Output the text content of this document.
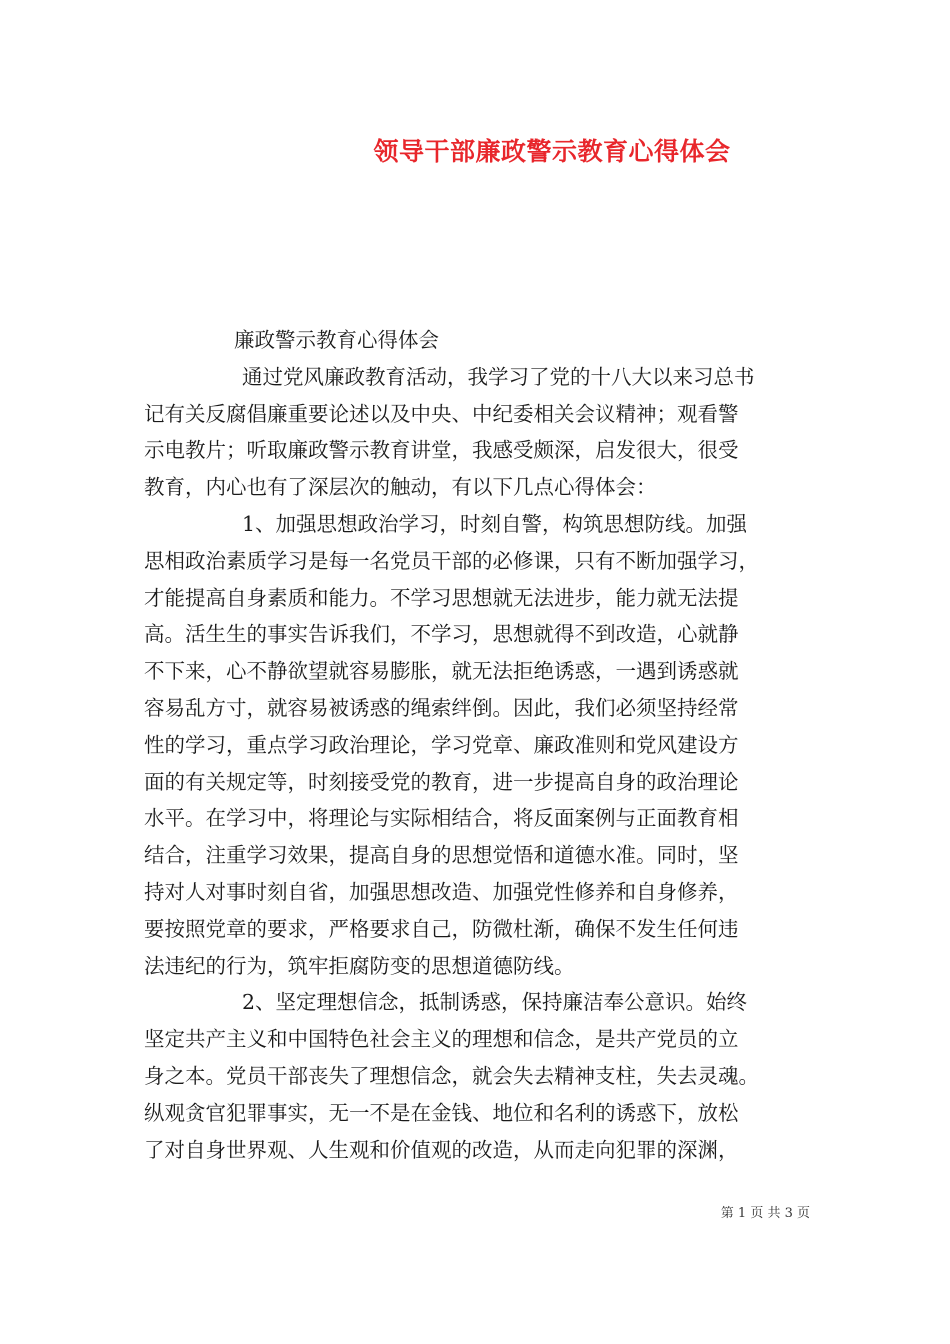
领导干部廉政警示教育心得体会
廉政警示教育心得体会
通过党风廉政教育活动，我学习了党的十八大以来习总书
记有关反腐倡廉重要论述以及中央、中纪委相关会议精神；观看警
示电教片；听取廉政警示教育讲堂，我感受颇深，启发很大，很受
教育，内心也有了深层次的触动，有以下几点心得体会：
1、加强思想政治学习，时刻自警，构筑思想防线。加强
思相政治素质学习是每一名党员干部的必修课，只有不断加强学习，
才能提高自身素质和能力。不学习思想就无法进步，能力就无法提
高。活生生的事实告诉我们，不学习，思想就得不到改造，心就静
不下来，心不静欲望就容易膨胀，就无法拒绝诱惑，一遇到诱惑就
容易乱方寸，就容易被诱惑的绳索绊倒。因此，我们必须坚持经常
性的学习，重点学习政治理论，学习党章、廉政准则和党风建设方
面的有关规定等，时刻接受党的教育，进一步提高自身的政治理论
水平。在学习中，将理论与实际相结合，将反面案例与正面教育相
结合，注重学习效果，提高自身的思想觉悟和道德水准。同时，坚
持对人对事时刻自省，加强思想改造、加强党性修养和自身修养，
要按照党章的要求，严格要求自己，防微杜渐，确保不发生任何违
法违纪的行为，筑牢拒腐防变的思想道德防线。
2、坚定理想信念，抵制诱惑，保持廉洁奉公意识。始终
坚定共产主义和中国特色社会主义的理想和信念，是共产党员的立
身之本。党员干部丧失了理想信念，就会失去精神支柱，失去灵魂。
纵观贪官犯罪事实，无一不是在金钱、地位和名利的诱惑下，放松
了对自身世界观、人生观和价值观的改造，从而走向犯罪的深渊，
第 1 页 共 3 页
